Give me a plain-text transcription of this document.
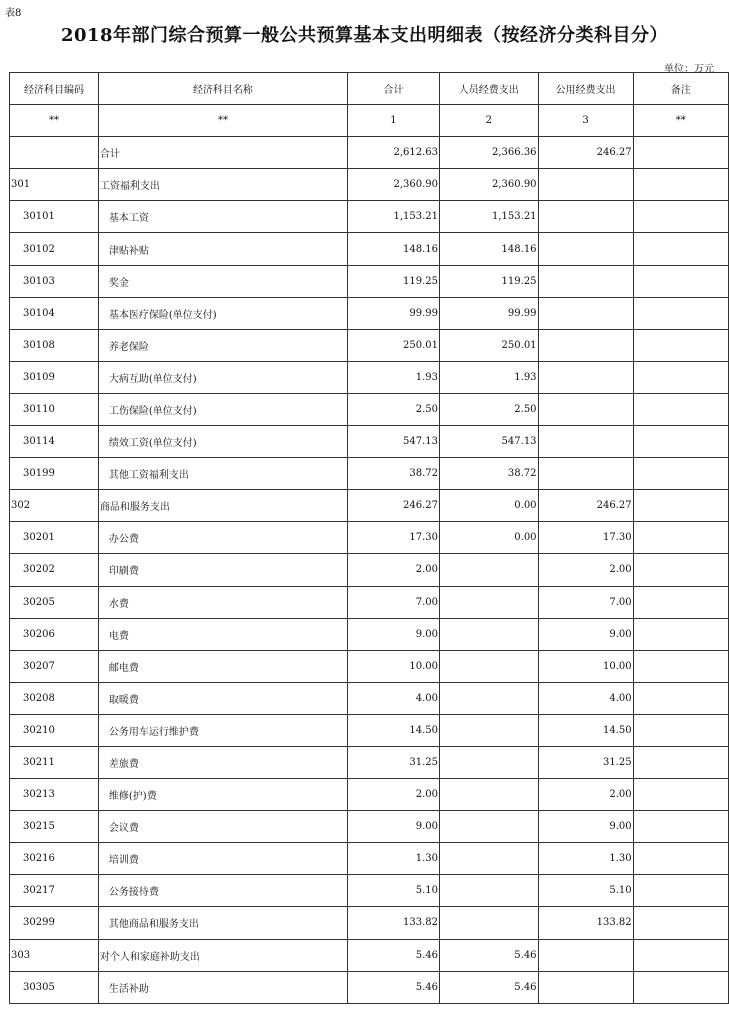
表8
2018年部门综合预算一般公共预算基本支出明细表（按经济分类科目分）
单位：万元
经济科目编码	经济科目名称	合计	人员经费支出	公用经费支出	备注
**	**	1	2	3	**
	合计	2,612.63	2,366.36	246.27	
301	工资福利支出	2,360.90	2,360.90		
30101	基本工资	1,153.21	1,153.21		
30102	津贴补贴	148.16	148.16		
30103	奖金	119.25	119.25		
30104	基本医疗保险(单位支付)	99.99	99.99		
30108	养老保险	250.01	250.01		
30109	大病互助(单位支付)	1.93	1.93		
30110	工伤保险(单位支付)	2.50	2.50		
30114	绩效工资(单位支付)	547.13	547.13		
30199	其他工资福利支出	38.72	38.72		
302	商品和服务支出	246.27	0.00	246.27	
30201	办公费	17.30	0.00	17.30	
30202	印刷费	2.00		2.00	
30205	水费	7.00		7.00	
30206	电费	9.00		9.00	
30207	邮电费	10.00		10.00	
30208	取暖费	4.00		4.00	
30210	公务用车运行维护费	14.50		14.50	
30211	差旅费	31.25		31.25	
30213	维修(护)费	2.00		2.00	
30215	会议费	9.00		9.00	
30216	培训费	1.30		1.30	
30217	公务接待费	5.10		5.10	
30299	其他商品和服务支出	133.82		133.82	
303	对个人和家庭补助支出	5.46	5.46		
30305	生活补助	5.46	5.46		
